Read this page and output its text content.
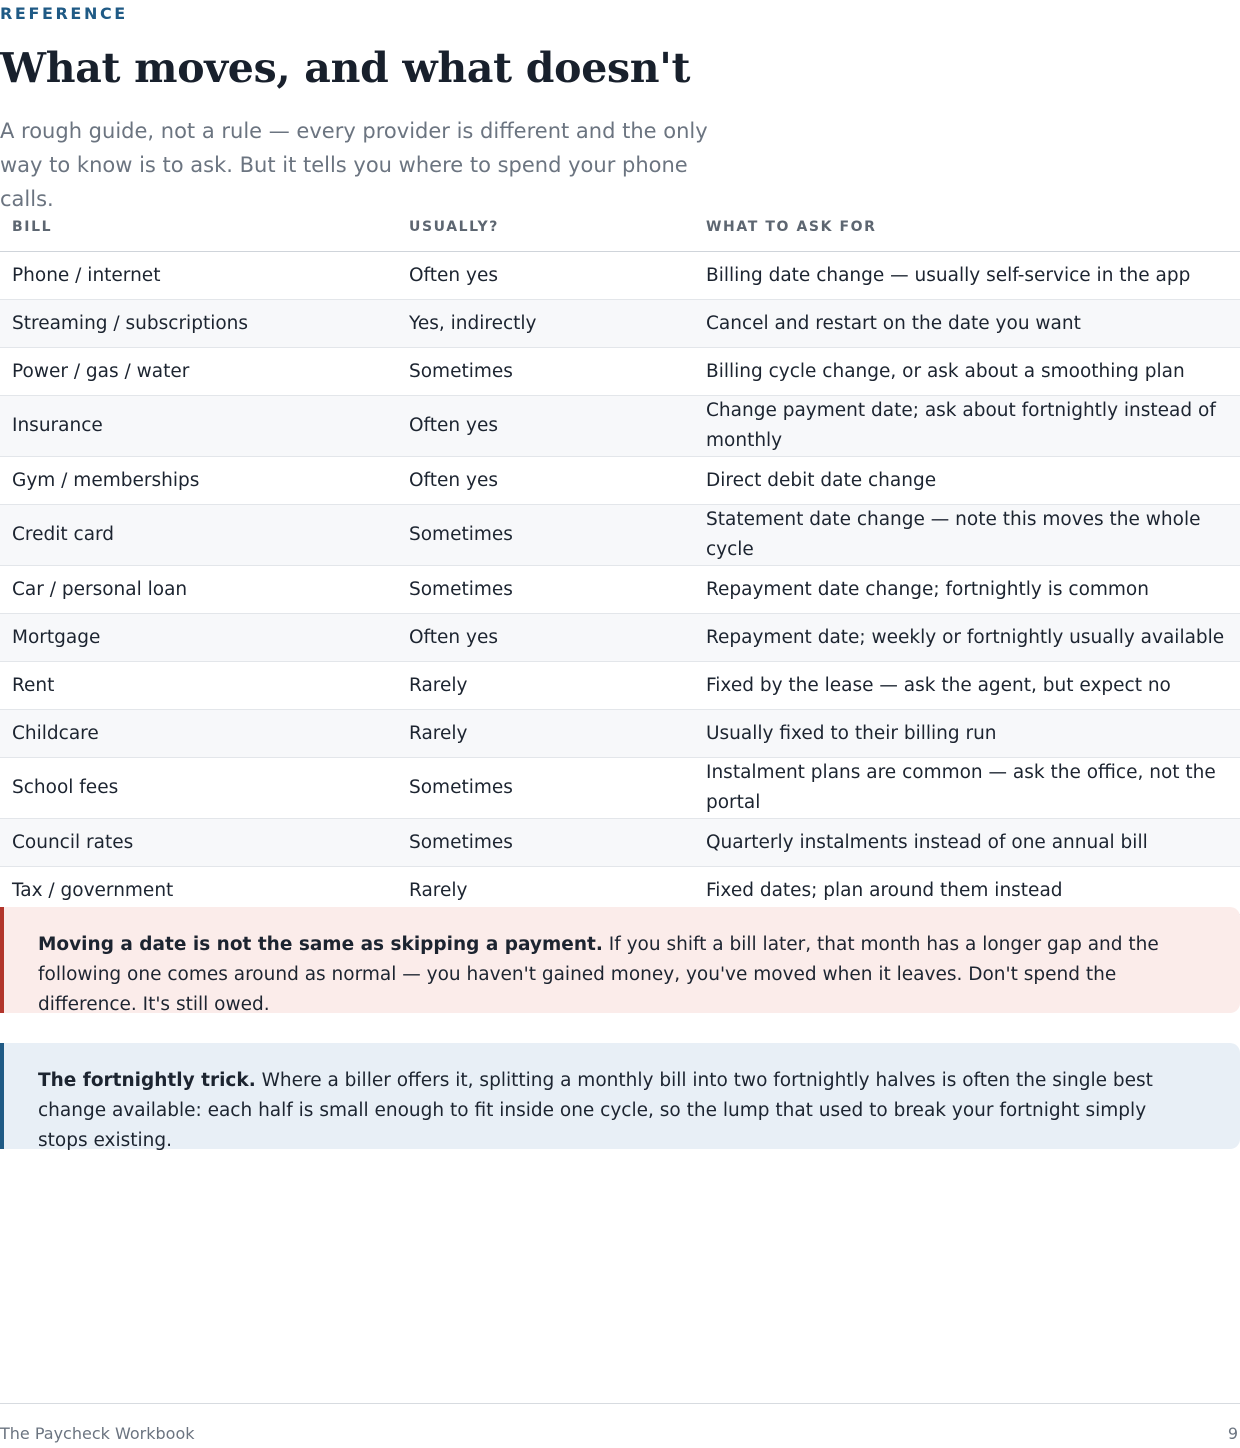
REFERENCE
What moves, and what doesn't

A rough guide, not a rule — every provider is different and the only way to know is to ask. But it tells you where to spend your phone calls.

BILL	USUALLY?	WHAT TO ASK FOR
Phone / internet	Often yes	Billing date change — usually self-service in the app
Streaming / subscriptions	Yes, indirectly	Cancel and restart on the date you want
Power / gas / water	Sometimes	Billing cycle change, or ask about a smoothing plan
Insurance	Often yes	Change payment date; ask about fortnightly instead of monthly
Gym / memberships	Often yes	Direct debit date change
Credit card	Sometimes	Statement date change — note this moves the whole cycle
Car / personal loan	Sometimes	Repayment date change; fortnightly is common
Mortgage	Often yes	Repayment date; weekly or fortnightly usually available
Rent	Rarely	Fixed by the lease — ask the agent, but expect no
Childcare	Rarely	Usually fixed to their billing run
School fees	Sometimes	Instalment plans are common — ask the office, not the portal
Council rates	Sometimes	Quarterly instalments instead of one annual bill
Tax / government	Rarely	Fixed dates; plan around them instead
Moving a date is not the same as skipping a payment. If you shift a bill later, that month has a longer gap and the following one comes around as normal — you haven't gained money, you've moved when it leaves. Don't spend the difference. It's still owed.
The fortnightly trick. Where a biller offers it, splitting a monthly bill into two fortnightly halves is often the single best change available: each half is small enough to fit inside one cycle, so the lump that used to break your fortnight simply stops existing.
The Paycheck Workbook	9
